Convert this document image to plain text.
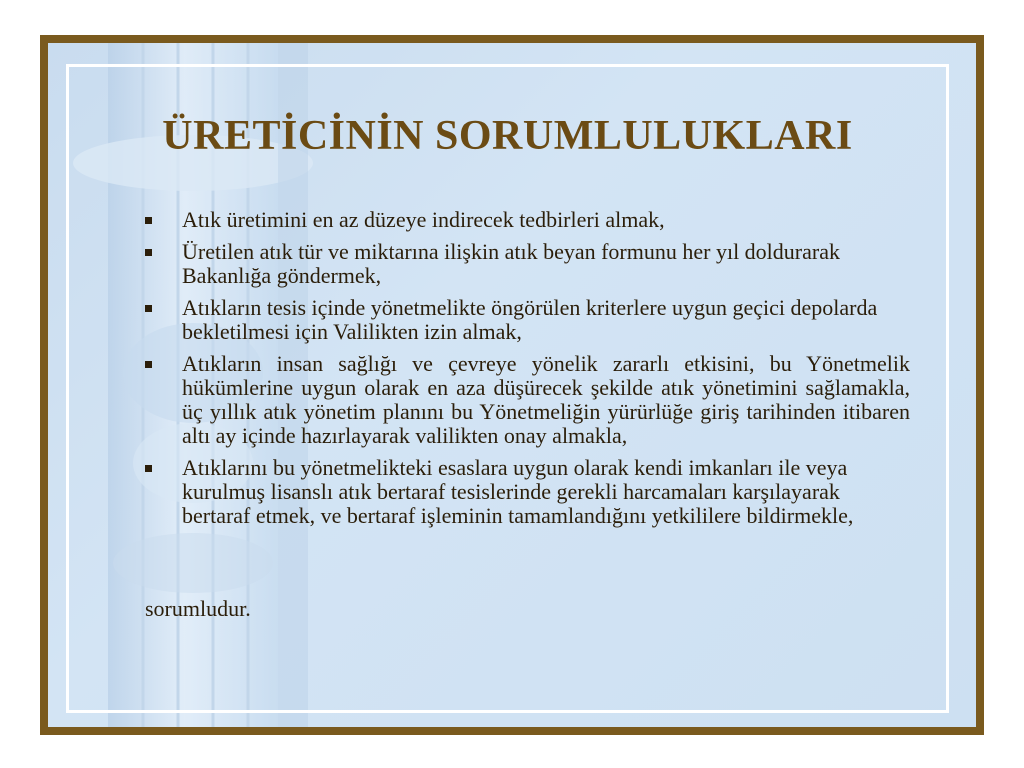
ÜRETİCİNİN SORUMLULUKLARI
Atık üretimini en az düzeye indirecek tedbirleri almak,
Üretilen atık tür ve miktarına ilişkin atık beyan formunu her yıl doldurarak Bakanlığa göndermek,
Atıkların tesis içinde yönetmelikte öngörülen kriterlere uygun geçici depolarda bekletilmesi için Valilikten izin almak,
Atıkların insan sağlığı ve çevreye yönelik zararlı etkisini, bu Yönetmelik hükümlerine uygun olarak en aza düşürecek şekilde atık yönetimini sağlamakla, üç yıllık atık yönetim planını bu Yönetmeliğin yürürlüğe giriş tarihinden itibaren altı ay içinde hazırlayarak valilikten onay almakla,
Atıklarını bu yönetmelikteki esaslara uygun olarak kendi imkanları ile veya kurulmuş lisanslı atık bertaraf tesislerinde gerekli harcamaları karşılayarak bertaraf etmek, ve bertaraf işleminin tamamlandığını yetkililere bildirmekle,

sorumludur.
